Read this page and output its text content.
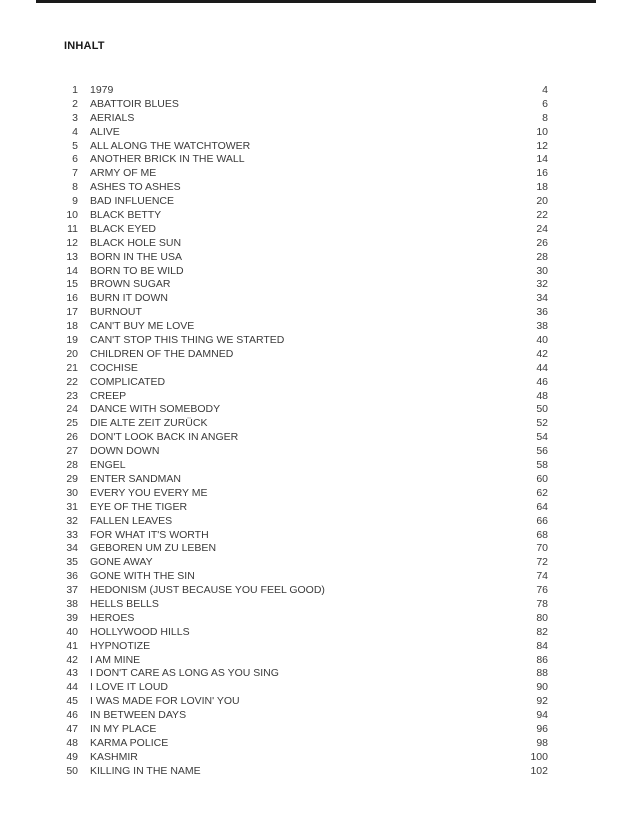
INHALT
1 1979	4
2 ABATTOIR BLUES	6
3 AERIALS	8
4 ALIVE	10
5 ALL ALONG THE WATCHTOWER	12
6 ANOTHER BRICK IN THE WALL	14
7 ARMY OF ME	16
8 ASHES TO ASHES	18
9 BAD INFLUENCE	20
10 BLACK BETTY	22
11 BLACK EYED	24
12 BLACK HOLE SUN	26
13 BORN IN THE USA	28
14 BORN TO BE WILD	30
15 BROWN SUGAR	32
16 BURN IT DOWN	34
17 BURNOUT	36
18 CAN'T BUY ME LOVE	38
19 CAN'T STOP THIS THING WE STARTED	40
20 CHILDREN OF THE DAMNED	42
21 COCHISE	44
22 COMPLICATED	46
23 CREEP	48
24 DANCE WITH SOMEBODY	50
25 DIE ALTE ZEIT ZURÜCK	52
26 DON'T LOOK BACK IN ANGER	54
27 DOWN DOWN	56
28 ENGEL	58
29 ENTER SANDMAN	60
30 EVERY YOU EVERY ME	62
31 EYE OF THE TIGER	64
32 FALLEN LEAVES	66
33 FOR WHAT IT'S WORTH	68
34 GEBOREN UM ZU LEBEN	70
35 GONE AWAY	72
36 GONE WITH THE SIN	74
37 HEDONISM (JUST BECAUSE YOU FEEL GOOD)	76
38 HELLS BELLS	78
39 HEROES	80
40 HOLLYWOOD HILLS	82
41 HYPNOTIZE	84
42 I AM MINE	86
43 I DON'T CARE AS LONG AS YOU SING	88
44 I LOVE IT LOUD	90
45 I WAS MADE FOR LOVIN' YOU	92
46 IN BETWEEN DAYS	94
47 IN MY PLACE	96
48 KARMA POLICE	98
49 KASHMIR	100
50 KILLING IN THE NAME	102
